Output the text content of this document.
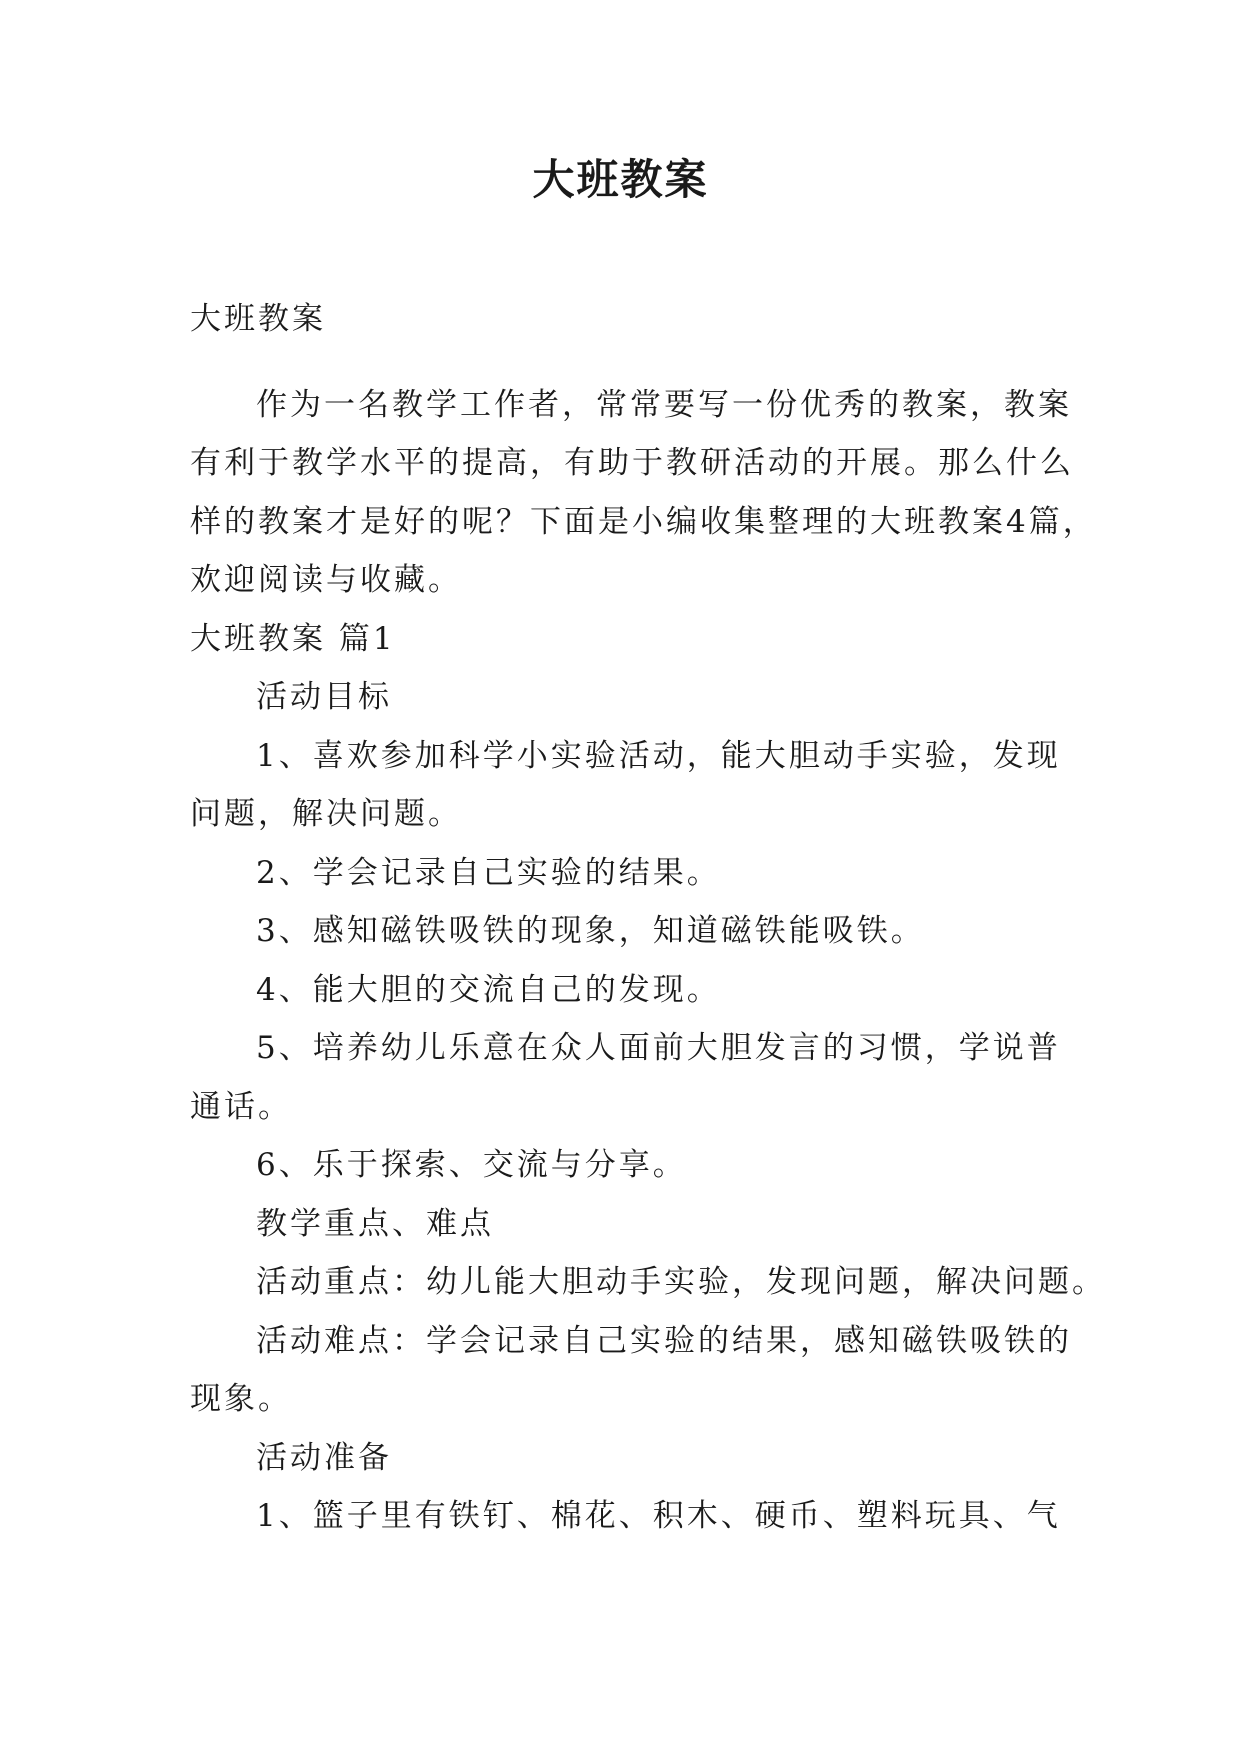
大班教案
大班教案
作为一名教学工作者，常常要写一份优秀的教案，教案
有利于教学水平的提高，有助于教研活动的开展。那么什么
样的教案才是好的呢？下面是小编收集整理的大班教案4篇，
欢迎阅读与收藏。
大班教案 篇1
活动目标
1、喜欢参加科学小实验活动，能大胆动手实验，发现
问题，解决问题。
2、学会记录自己实验的结果。
3、感知磁铁吸铁的现象，知道磁铁能吸铁。
4、能大胆的交流自己的发现。
5、培养幼儿乐意在众人面前大胆发言的习惯，学说普
通话。
6、乐于探索、交流与分享。
教学重点、难点
活动重点：幼儿能大胆动手实验，发现问题，解决问题。
活动难点：学会记录自己实验的结果，感知磁铁吸铁的
现象。
活动准备
1、篮子里有铁钉、棉花、积木、硬币、塑料玩具、气
